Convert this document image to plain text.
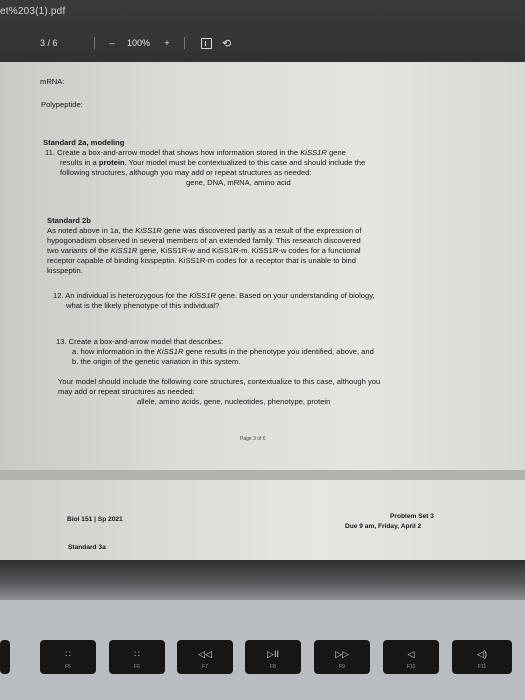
et%203(1).pdf
3 / 6	–	100%	+	⟲
mRNA:
Polypeptide:
Standard 2a, modeling
11. Create a box-and-arrow model that shows how information stored in the KiSS1R gene
results in a protein. Your model must be contextualized to this case and should include the
following structures, although you may add or repeat structures as needed:
gene, DNA, mRNA, amino acid
Standard 2b
As noted above in 1a, the KiSS1R gene was discovered partly as a result of the expression of
hypogonadism observed in several members of an extended family. This research discovered
two variants of the KiSS1R gene, KiSS1R-w and KiSS1R-m. KiSS1R-w codes for a functional
receptor capable of binding kisspeptin. KiSS1R-m codes for a receptor that is unable to bind
kisspeptin.
12. An individual is heterozygous for the KiSS1R gene. Based on your understanding of biology,
what is the likely phenotype of this individual?
13. Create a box-and-arrow model that describes:
a. how information in the KiSS1R gene results in the phenotype you identified, above, and
b. the origin of the genetic variation in this system.
Your model should include the following core structures, contextualize to this case, although you
may add or repeat structures as needed:
allele, amino acids, gene, nucleotides, phenotype, protein
Page 3 of 6
Biol 151 | Sp 2021	Problem Set 3
Due 9 am, Friday, April 2
Standard 3a
∷
F5
∷
F6
◁◁
F7
▷II
F8
▷▷
F9
◁
F10
◁)
F11
